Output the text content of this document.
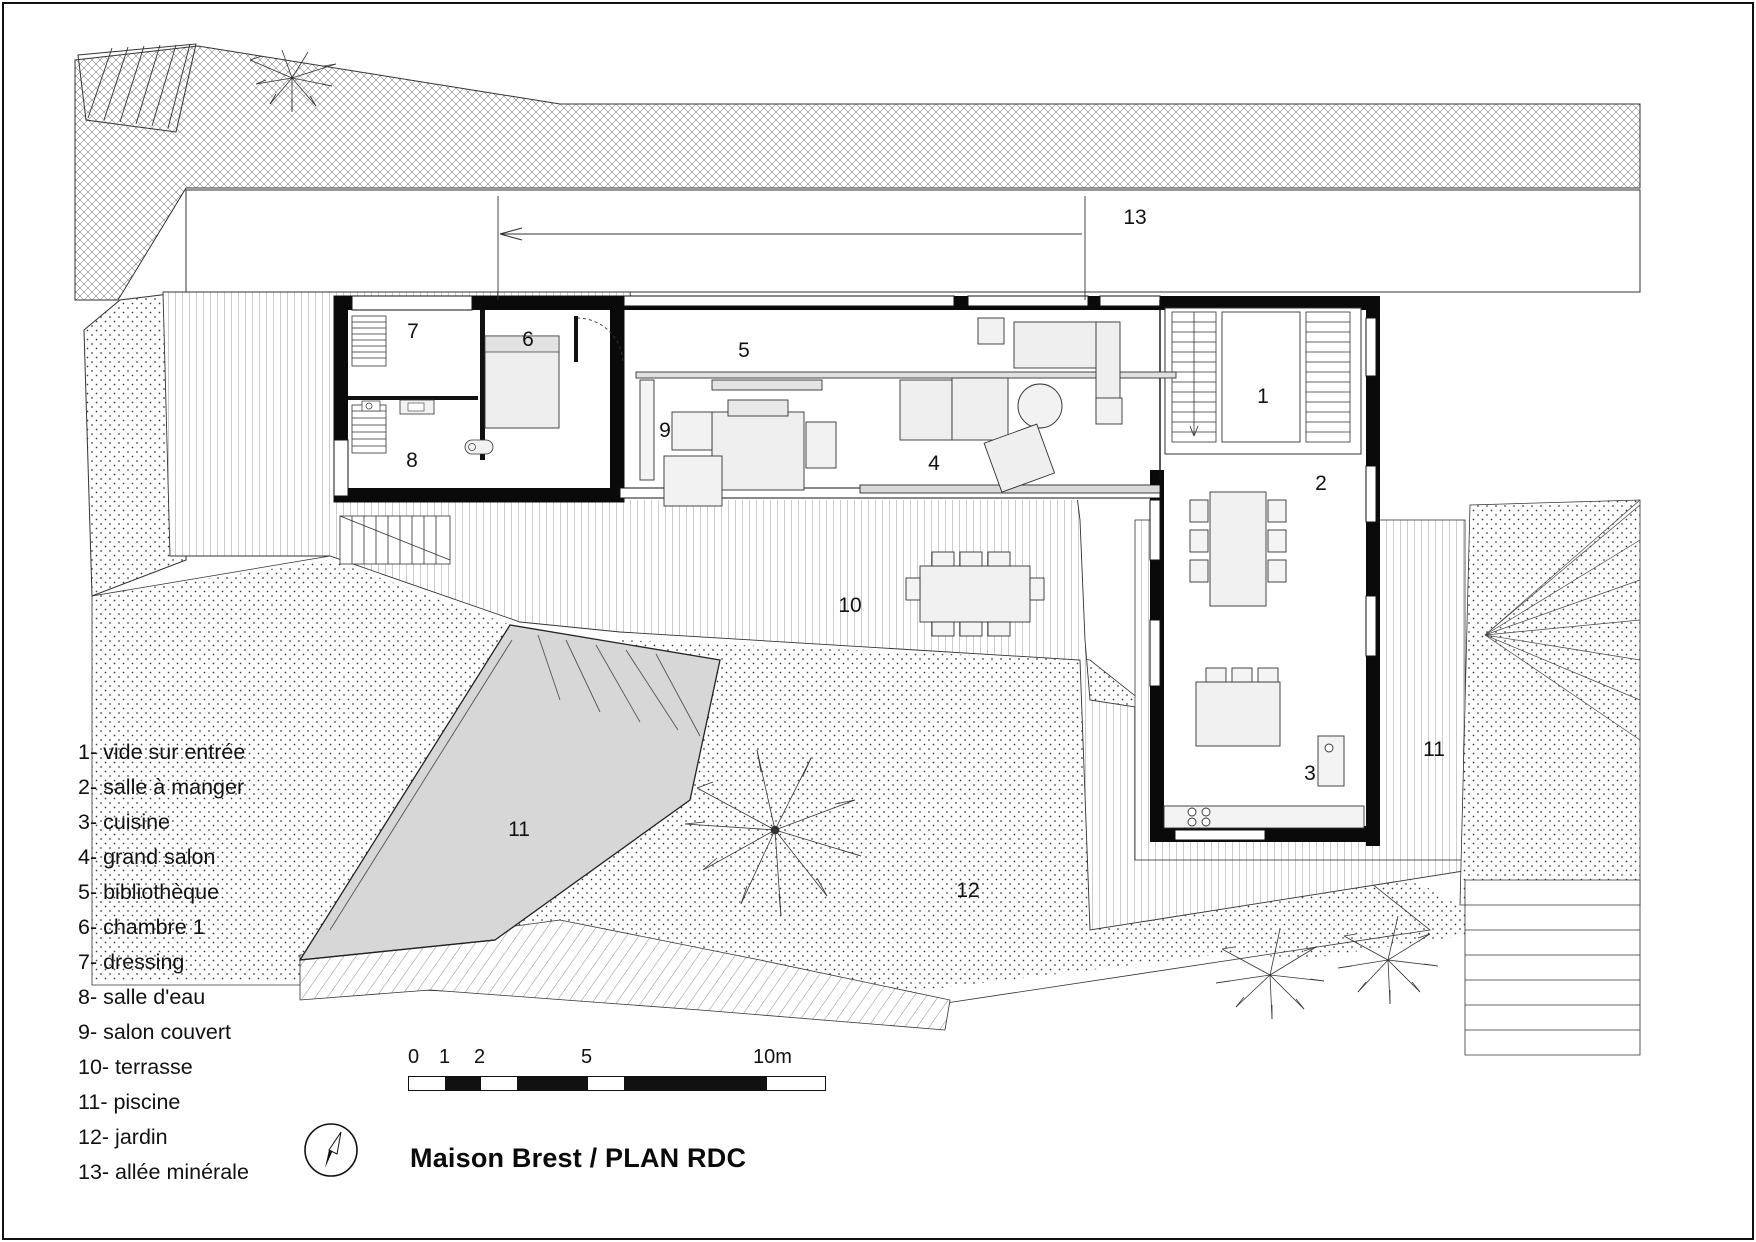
1
2
3
4
5
6
7
8
9
10
11
11
12
13
1- vide sur entrée
2- salle à manger
3- cuisine
4- grand salon
5- bibliothèque
6- chambre 1
7- dressing
8- salle d'eau
9- salon couvert
10- terrasse
11- piscine
12- jardin
13- allée minérale
0 1 2	5	10m
Maison Brest / PLAN RDC
